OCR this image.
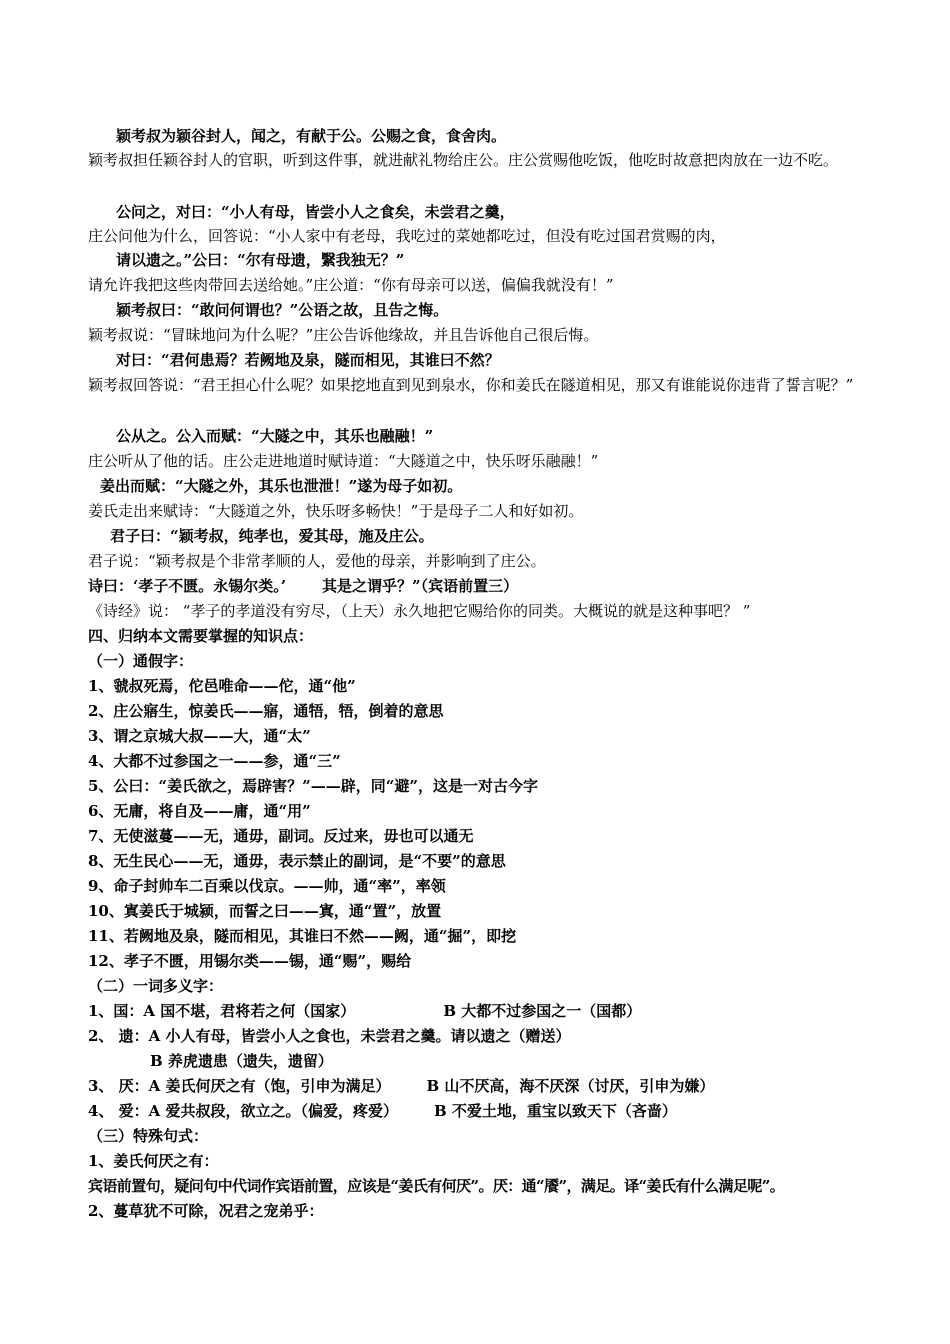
颖考叔为颖谷封人，闻之，有献于公。公赐之食，食舍肉。
颖考叔担任颖谷封人的官职，听到这件事，就进献礼物给庄公。庄公赏赐他吃饭，他吃时故意把肉放在一边不吃。
公问之，对曰：“小人有母，皆尝小人之食矣，未尝君之羹，
庄公问他为什么，回答说：“小人家中有老母，我吃过的菜她都吃过，但没有吃过国君赏赐的肉，
请以遗之。”公曰：“尔有母遗，繄我独无？”
请允许我把这些肉带回去送给她。”庄公道：“你有母亲可以送，偏偏我就没有！”
颖考叔曰：“敢问何谓也？”公语之故，且告之悔。
颖考叔说：“冒昧地问为什么呢？”庄公告诉他缘故，并且告诉他自己很后悔。
对曰：“君何患焉？若阙地及泉，隧而相见，其谁曰不然？
颖考叔回答说：“君王担心什么呢？如果挖地直到见到泉水，你和姜氏在隧道相见，那又有谁能说你违背了誓言呢？”
公从之。公入而赋：“大隧之中，其乐也融融！”
庄公听从了他的话。庄公走进地道时赋诗道：“大隧道之中，快乐呀乐融融！”
姜出而赋：“大隧之外，其乐也泄泄！”遂为母子如初。
姜氏走出来赋诗：“大隧道之外，快乐呀多畅快！”于是母子二人和好如初。
君子曰：“颖考叔，纯孝也，爱其母，施及庄公。
君子说：“颖考叔是个非常孝顺的人，爱他的母亲，并影响到了庄公。
诗曰：‘孝子不匮。永锡尔类。’ 其是之谓乎？”（宾语前置三）
《诗经》说： “孝子的孝道没有穷尽，（上天）永久地把它赐给你的同类。大概说的就是这种事吧？ ”
四、归纳本文需要掌握的知识点：
（一）通假字：
1、虢叔死焉，佗邑唯命——佗，通“他”
2、庄公寤生，惊姜氏——寤，通牾，牾，倒着的意思
3、谓之京城大叔——大，通“太”
4、大都不过参国之一——参，通“三”
5、公曰：“姜氏欲之，焉辟害？”——辟，同“避”，这是一对古今字
6、无庸，将自及——庸，通“用”
7、无使滋蔓——无，通毋，副词。反过来，毋也可以通无
8、无生民心——无，通毋，表示禁止的副词，是“不要”的意思
9、命子封帅车二百乘以伐京。——帅，通“率”，率领
10、寘姜氏于城颍，而誓之曰——寘，通“置”，放置
11、若阙地及泉，隧而相见，其谁曰不然——阙，通“掘”，即挖
12、孝子不匮，用锡尔类——锡，通“赐”，赐给
（二）一词多义字：
1、国：A 国不堪，君将若之何（国家）	B 大都不过参国之一（国都）
2、 遗：A 小人有母，皆尝小人之食也，未尝君之羹。请以遗之（赠送）
B 养虎遗患（遗失，遗留）
3、 厌：A 姜氏何厌之有（饱，引申为满足） B 山不厌高，海不厌深（讨厌，引申为嫌）
4、 爱：A 爱共叔段，欲立之。（偏爱，疼爱） B 不爱土地，重宝以致天下（吝啬）
（三）特殊句式：
1、姜氏何厌之有：
宾语前置句，疑问句中代词作宾语前置，应该是“姜氏有何厌”。厌：通“餍”，满足。译“姜氏有什么满足呢”。
2、蔓草犹不可除，况君之宠弟乎：
